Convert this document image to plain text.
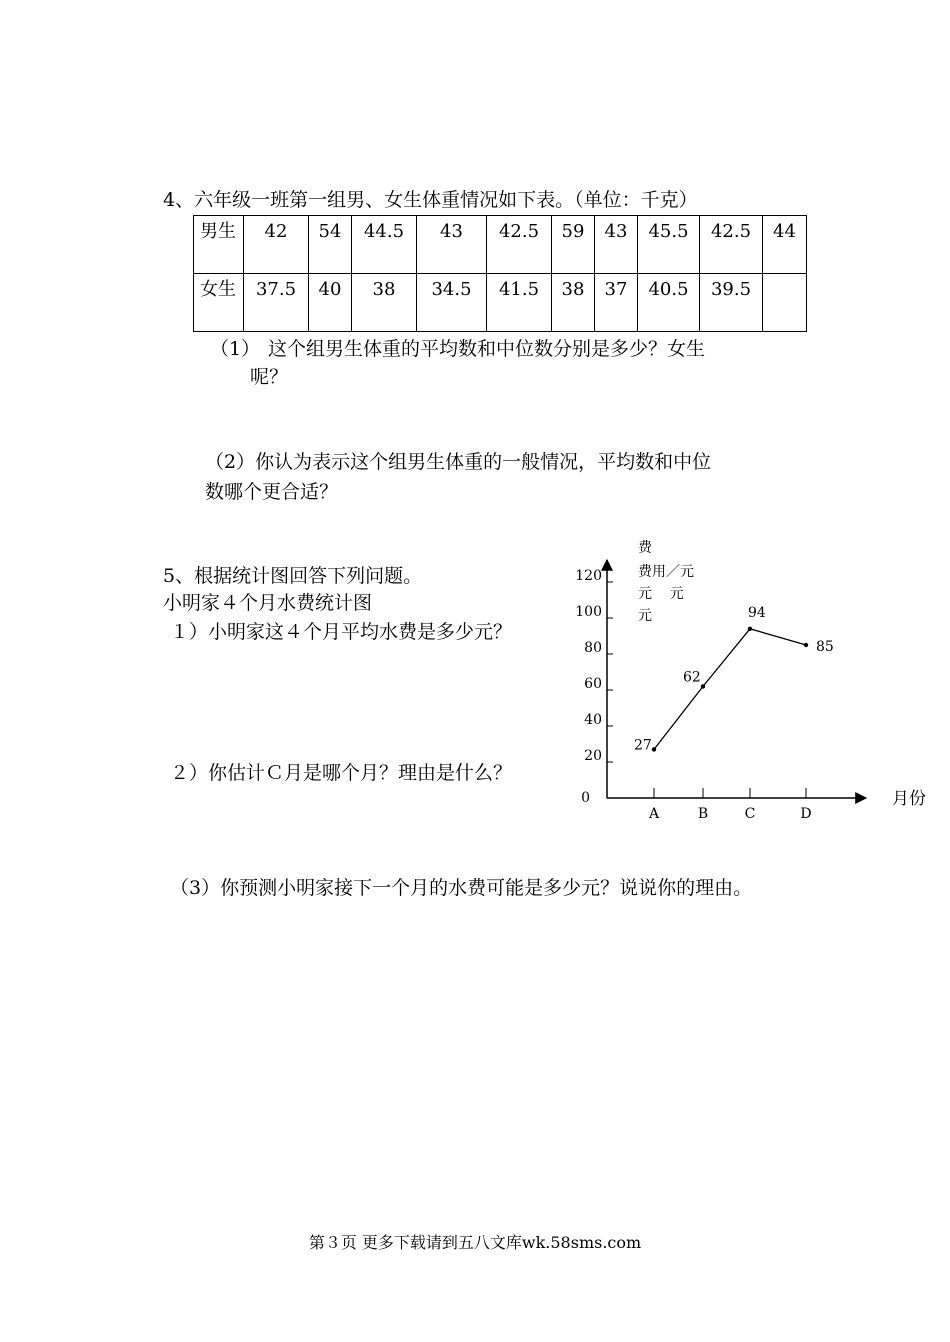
4、六年级一班第一组男、女生体重情况如下表。（单位：千克）
男生	42	54	44.5	43	42.5	59	43	45.5	42.5	44
女生	37.5	40	38	34.5	41.5	38	37	40.5	39.5	
（1） 这个组男生体重的平均数和中位数分别是多少？女生
呢？
（2）你认为表示这个组男生体重的一般情况，平均数和中位
数哪个更合适？
5、根据统计图回答下列问题。
小明家４个月水费统计图
１）小明家这４个月平均水费是多少元？
２）你估计Ｃ月是哪个月？理由是什么？
（3）你预测小明家接下一个月的水费可能是多少元？说说你的理由。
0
20
40
60
80
100
120
A	B	C	D
27
62
94
85
费
费用／元
元    元
元
月份
第３页 更多下载请到五八文库wk.58sms.com
